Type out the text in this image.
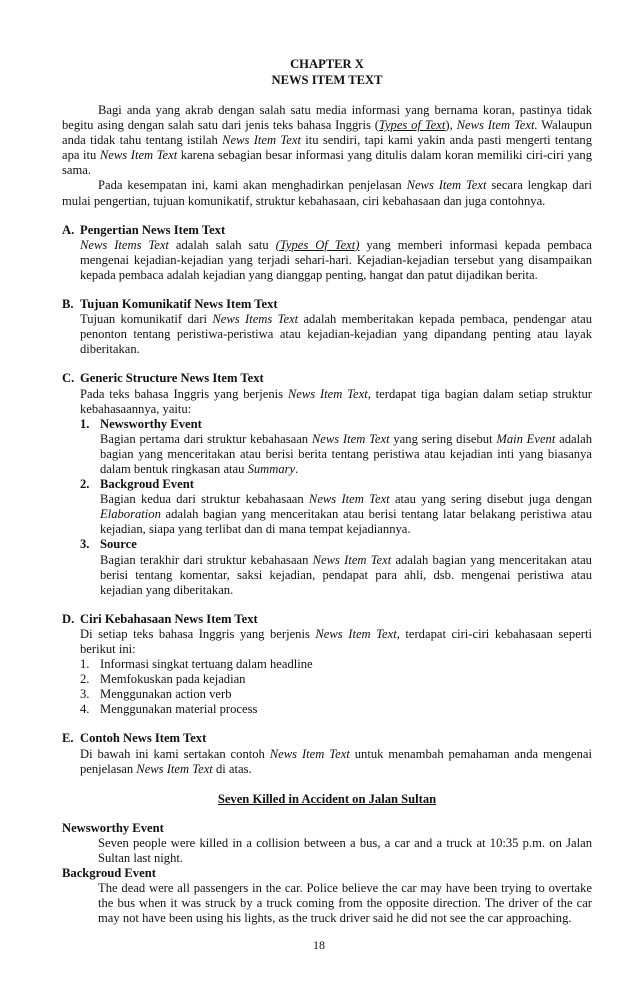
CHAPTER X
NEWS ITEM TEXT

Bagi anda yang akrab dengan salah satu media informasi yang bernama koran, pastinya tidak begitu asing dengan salah satu dari jenis teks bahasa Inggris (Types of Text), News Item Text. Walaupun anda tidak tahu tentang istilah News Item Text itu sendiri, tapi kami yakin anda pasti mengerti tentang apa itu News Item Text karena sebagian besar informasi yang ditulis dalam koran memiliki ciri-ciri yang sama.

Pada kesempatan ini, kami akan menghadirkan penjelasan News Item Text secara lengkap dari mulai pengertian, tujuan komunikatif, struktur kebahasaan, ciri kebahasaan dan juga contohnya.

A. Pengertian News Item Text
News Items Text adalah salah satu (Types Of Text) yang memberi informasi kepada pembaca mengenai kejadian-kejadian yang terjadi sehari-hari. Kejadian-kejadian tersebut yang disampaikan kepada pembaca adalah kejadian yang dianggap penting, hangat dan patut dijadikan berita.
B. Tujuan Komunikatif News Item Text
Tujuan komunikatif dari News Items Text adalah memberitakan kepada pembaca, pendengar atau penonton tentang peristiwa-peristiwa atau kejadian-kejadian yang dipandang penting atau layak diberitakan.
C. Generic Structure News Item Text
Pada teks bahasa Inggris yang berjenis News Item Text, terdapat tiga bagian dalam setiap struktur kebahasaannya, yaitu:
1. Newsworthy Event
Bagian pertama dari struktur kebahasaan News Item Text yang sering disebut Main Event adalah bagian yang menceritakan atau berisi berita tentang peristiwa atau kejadian inti yang biasanya dalam bentuk ringkasan atau Summary.
2. Backgroud Event
Bagian kedua dari struktur kebahasaan News Item Text atau yang sering disebut juga dengan Elaboration adalah bagian yang menceritakan atau berisi tentang latar belakang peristiwa atau kejadian, siapa yang terlibat dan di mana tempat kejadiannya.
3. Source
Bagian terakhir dari struktur kebahasaan News Item Text adalah bagian yang menceritakan atau berisi tentang komentar, saksi kejadian, pendapat para ahli, dsb. mengenai peristiwa atau kejadian yang diberitakan.
D. Ciri Kebahasaan News Item Text
Di setiap teks bahasa Inggris yang berjenis News Item Text, terdapat ciri-ciri kebahasaan seperti berikut ini:
1. Informasi singkat tertuang dalam headline
2. Memfokuskan pada kejadian
3. Menggunakan action verb
4. Menggunakan material process
E. Contoh News Item Text
Di bawah ini kami sertakan contoh News Item Text untuk menambah pemahaman anda mengenai penjelasan News Item Text di atas.
Seven Killed in Accident on Jalan Sultan
Newsworthy Event
Seven people were killed in a collision between a bus, a car and a truck at 10:35 p.m. on Jalan Sultan last night.
Backgroud Event
The dead were all passengers in the car. Police believe the car may have been trying to overtake the bus when it was struck by a truck coming from the opposite direction. The driver of the car may not have been using his lights, as the truck driver said he did not see the car approaching.
18
